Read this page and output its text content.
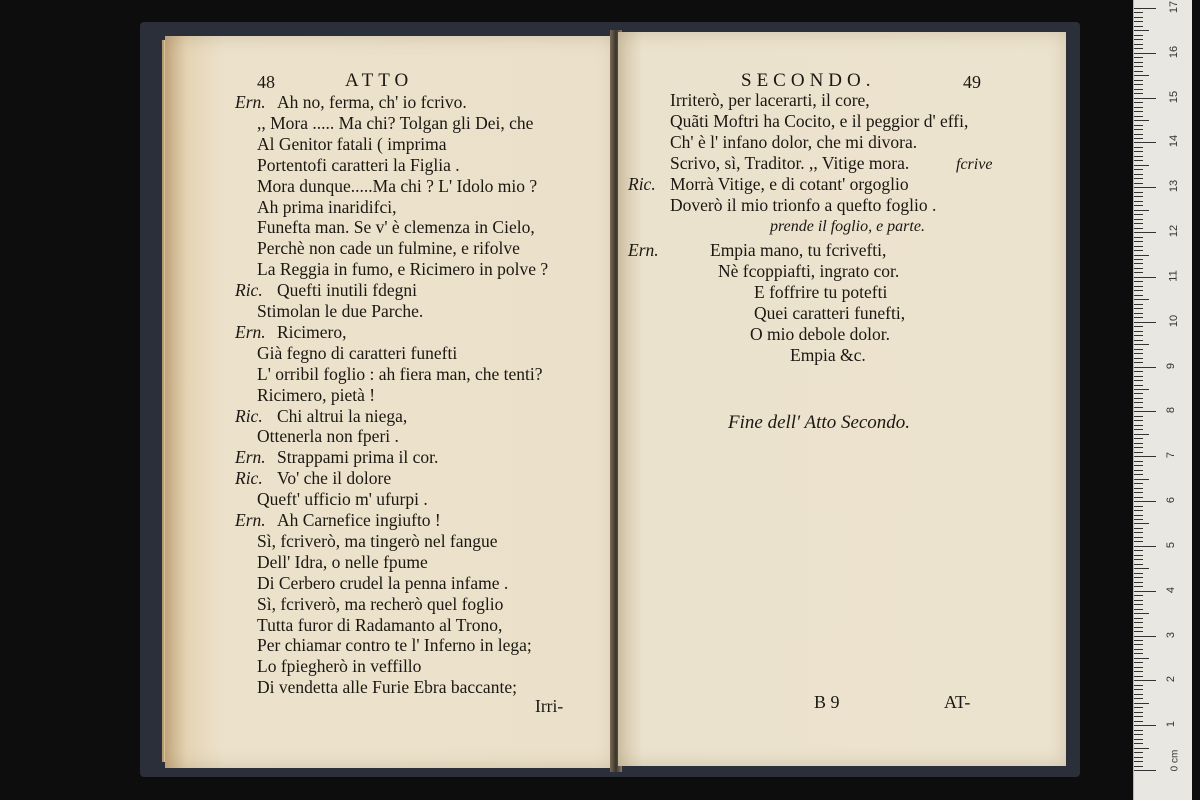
48	ATTO
Ern. Ah no, ferma, ch' io fcrivo.
,, Mora ..... Ma chi? Tolgan gli Dei, che
Al Genitor fatali ( imprima
Portentofi caratteri la Figlia .
Mora dunque.....Ma chi ? L' Idolo mio ?
Ah prima inaridifci,
Funefta man. Se v' è clemenza in Cielo,
Perchè non cade un fulmine, e rifolve
La Reggia in fumo, e Ricimero in polve ?
Ric. Quefti inutili fdegni
Stimolan le due Parche.
Ern. Ricimero,
Già fegno di caratteri funefti
L' orribil foglio : ah fiera man, che tenti?
Ricimero, pietà !
Ric. Chi altrui la niega,
Ottenerla non fperi .
Ern. Strappami prima il cor.
Ric. Vo' che il dolore
Queft' ufficio m' ufurpi .
Ern. Ah Carnefice ingiufto !
Sì, fcriverò, ma tingerò nel fangue
Dell' Idra, o nelle fpume
Di Cerbero crudel la penna infame .
Sì, fcriverò, ma recherò quel foglio
Tutta furor di Radamanto al Trono,
Per chiamar contro te l' Inferno in lega;
Lo fpiegherò in veffillo
Di vendetta alle Furie Ebra baccante;
Irri-
SECONDO.	49
Irriterò, per lacerarti, il core,
Quãti Moftri ha Cocito, e il peggior d' effi,
Ch' è l' infano dolor, che mi divora.
Scrivo, sì, Traditor. ,, Vitige mora.
Ric. Morrà Vitige, e di cotant' orgoglio
Doverò il mio trionfo a quefto foglio .
fcrive
prende il foglio, e parte.
Ern.	Empia mano, tu fcrivefti,
Nè fcoppiafti, ingrato cor.
E foffrire tu potefti
Quei caratteri funefti,
O mio debole dolor.
Empia &c.
Fine dell' Atto Secondo.
B 9	AT-
1
2
3
4
5
6
7
8
9
10
11
12
13
14
15
16
17
0 cm
